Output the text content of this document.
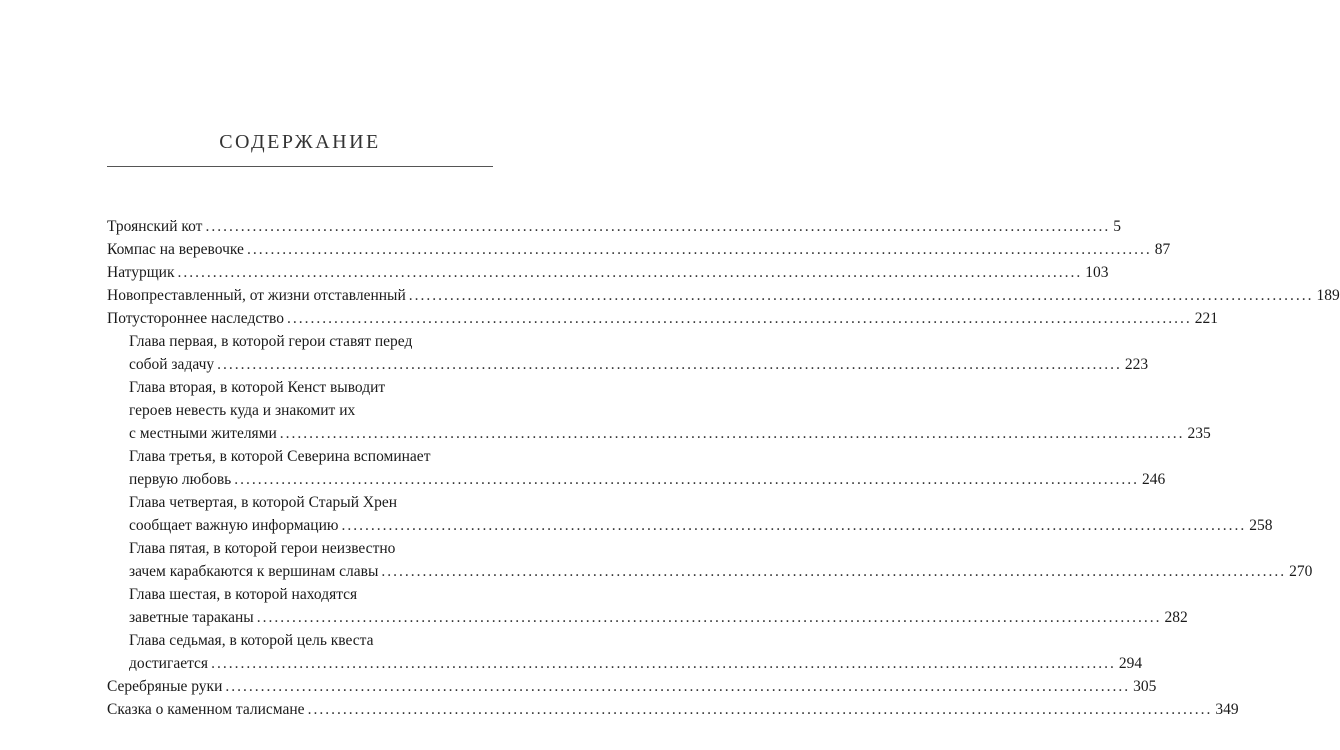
СОДЕРЖАНИЕ
Троянский кот .......................................................................................................................................................... 5
Компас на веревочке .......................................................................................................................................................... 87
Натурщик .......................................................................................................................................................... 103
Новопреставленный, от жизни отставленный .......................................................................................................................................................... 189
Потустороннее наследство .......................................................................................................................................................... 221
Глава первая, в которой герои ставят перед
собой задачу .......................................................................................................................................................... 223
Глава вторая, в которой Кенст выводит
героев невесть куда и знакомит их
с местными жителями .......................................................................................................................................................... 235
Глава третья, в которой Северина вспоминает
первую любовь .......................................................................................................................................................... 246
Глава четвертая, в которой Старый Хрен
сообщает важную информацию .......................................................................................................................................................... 258
Глава пятая, в которой герои неизвестно
зачем карабкаются к вершинам славы .......................................................................................................................................................... 270
Глава шестая, в которой находятся
заветные тараканы .......................................................................................................................................................... 282
Глава седьмая, в которой цель квеста
достигается .......................................................................................................................................................... 294
Серебряные руки .......................................................................................................................................................... 305
Сказка о каменном талисмане .......................................................................................................................................................... 349
